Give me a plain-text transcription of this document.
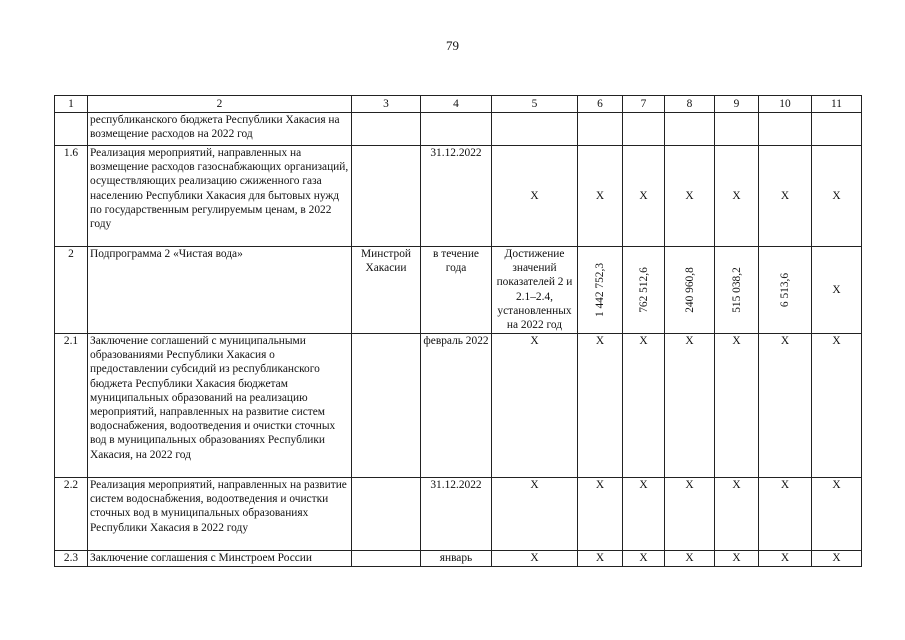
79
1	2	3	4	5	6	7	8	9	10	11
	республиканского бюджета Республики Хакасия на возмещение расходов на 2022 год									
1.6	Реализация мероприятий, направленных на возмещение расходов газоснабжающих организаций, осуществляющих реализацию сжиженного газа населению Республики Хакасия для бытовых нужд по государственным регулируемым ценам, в 2022 году		31.12.2022	Х	Х	Х	Х	Х	Х	Х
2	Подпрограмма 2 «Чистая вода»	Минстрой Хакасии	в течение года	Достижение значений показателей 2 и 2.1–2.4, установленных на 2022 год	1 442 752,3	762 512,6	240 960,8	515 038,2	6 513,6	Х
2.1	Заключение соглашений с муниципальными образованиями Республики Хакасия о предоставлении субсидий из республиканского бюджета Республики Хакасия бюджетам муниципальных образований на реализацию мероприятий, направленных на развитие систем водоснабжения, водоотведения и очистки сточных вод в муниципальных образованиях Республики Хакасия, на 2022 год		февраль 2022	Х	Х	Х	Х	Х	Х	Х
2.2	Реализация мероприятий, направленных на развитие систем водоснабжения, водоотведения и очистки сточных вод в муниципальных образованиях Республики Хакасия в 2022 году		31.12.2022	Х	Х	Х	Х	Х	Х	Х
2.3	Заключение соглашения с Минстроем России		январь	Х	Х	Х	Х	Х	Х	Х
